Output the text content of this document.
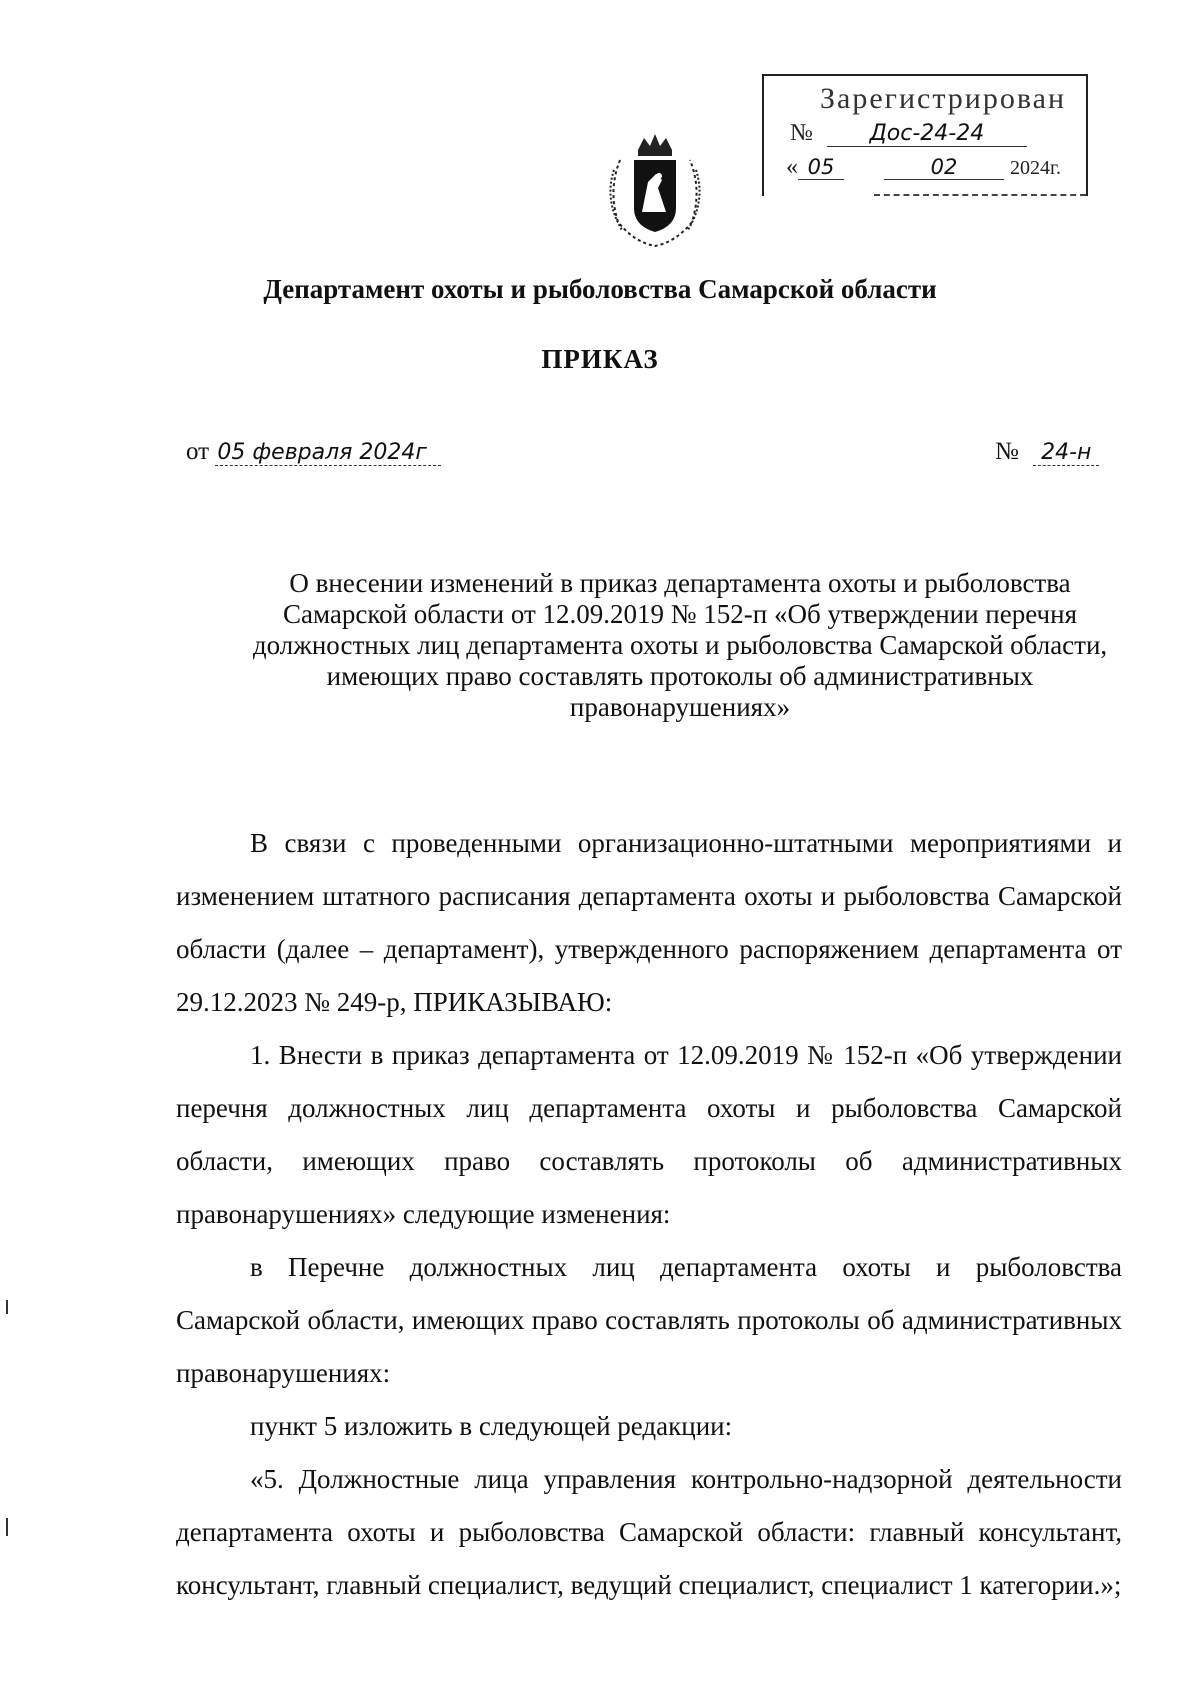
Зарегистрирован
№	Дос-24-24
« 05	02	2024г.
Департамент охоты и рыболовства Самарской области
ПРИКАЗ
от 05 февраля 2024г	№ 24-н
О внесении изменений в приказ департамента охоты и рыболовства
Самарской области от 12.09.2019 № 152-п «Об утверждении перечня
должностных лиц департамента охоты и рыболовства Самарской области,
имеющих право составлять протоколы об административных
правонарушениях»

В связи с проведенными организационно-штатными мероприятиями и изменением штатного расписания департамента охоты и рыболовства Самарской области (далее – департамент), утвержденного распоряжением департамента от 29.12.2023 № 249-р, ПРИКАЗЫВАЮ:

1. Внести в приказ департамента от 12.09.2019 № 152-п «Об утверждении перечня должностных лиц департамента охоты и рыболовства Самарской области, имеющих право составлять протоколы об административных правонарушениях» следующие изменения:

в Перечне должностных лиц департамента охоты и рыболовства Самарской области, имеющих право составлять протоколы об административных правонарушениях:

пункт 5 изложить в следующей редакции:

«5. Должностные лица управления контрольно-надзорной деятельности департамента охоты и рыболовства Самарской области: главный консультант, консультант, главный специалист, ведущий специалист, специалист 1 категории.»;
